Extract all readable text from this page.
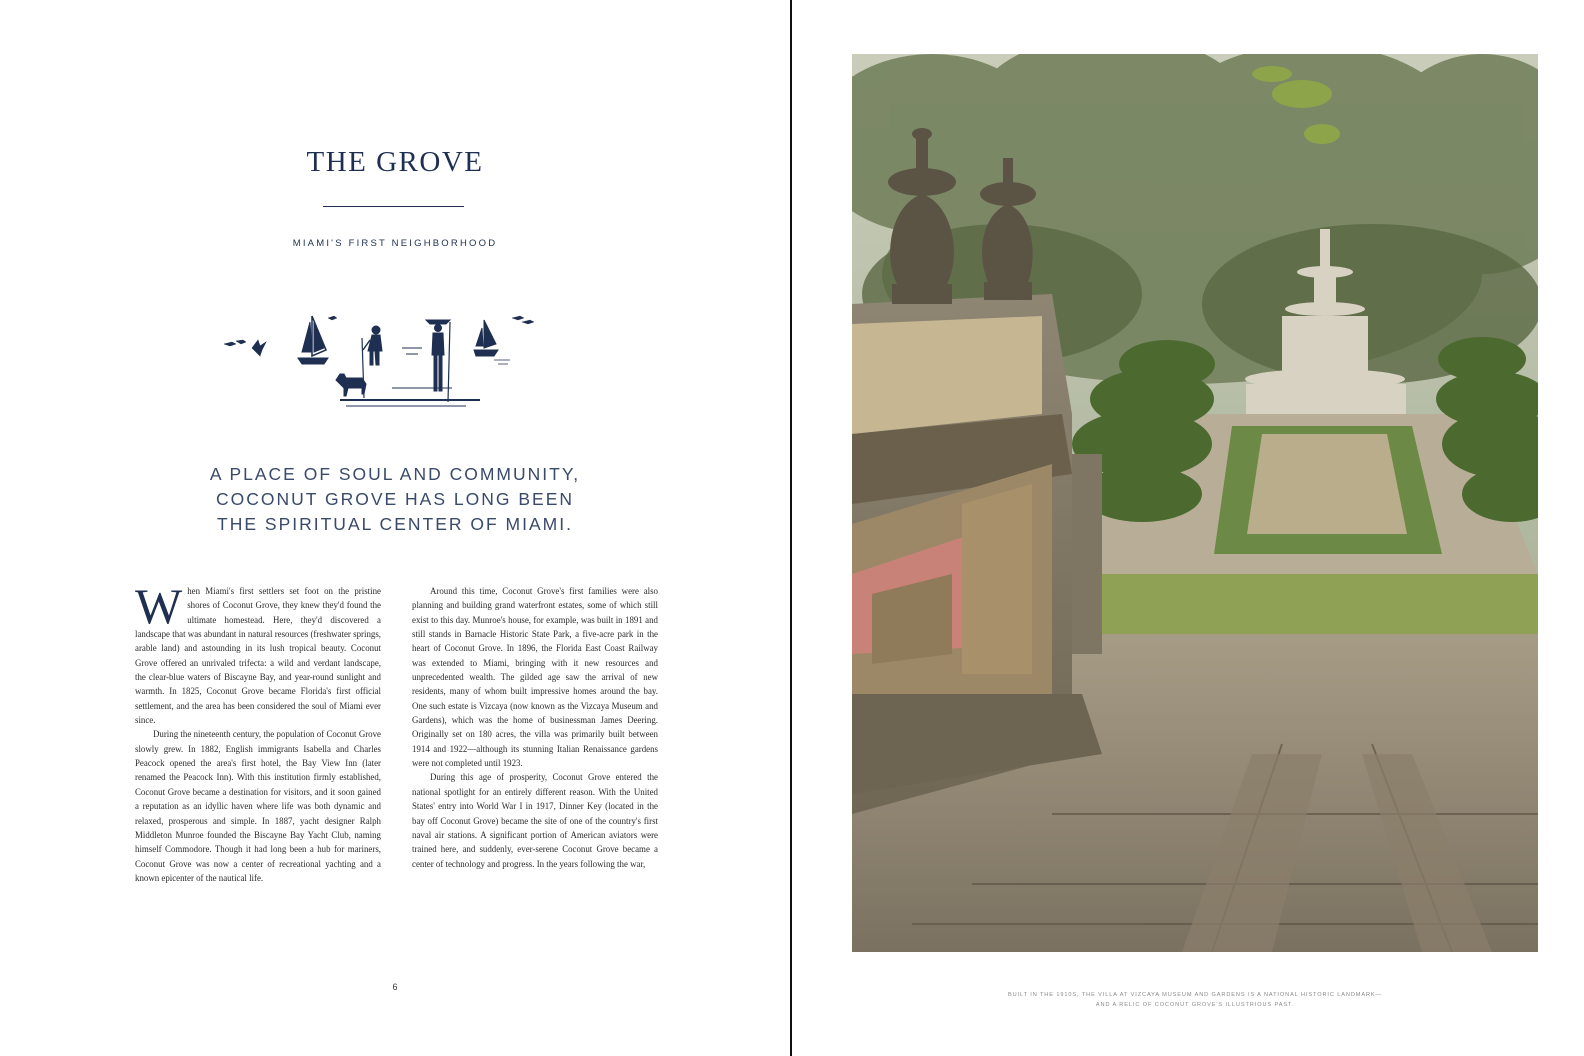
THE GROVE
MIAMI'S FIRST NEIGHBORHOOD
A PLACE OF SOUL AND COMMUNITY,
COCONUT GROVE HAS LONG BEEN
THE SPIRITUAL CENTER OF MIAMI.

When Miami's first settlers set foot on the pristine shores of Coconut Grove, they knew they'd found the ultimate homestead. Here, they'd discovered a landscape that was abundant in natural resources (freshwater springs, arable land) and astounding in its lush tropical beauty. Coconut Grove offered an unrivaled trifecta: a wild and verdant landscape, the clear-blue waters of Biscayne Bay, and year-round sunlight and warmth. In 1825, Coconut Grove became Florida's first official settlement, and the area has been considered the soul of Miami ever since.

During the nineteenth century, the population of Coconut Grove slowly grew. In 1882, English immigrants Isabella and Charles Peacock opened the area's first hotel, the Bay View Inn (later renamed the Peacock Inn). With this institution firmly established, Coconut Grove became a destination for visitors, and it soon gained a reputation as an idyllic haven where life was both dynamic and relaxed, prosperous and simple. In 1887, yacht designer Ralph Middleton Munroe founded the Biscayne Bay Yacht Club, naming himself Commodore. Though it had long been a hub for mariners, Coconut Grove was now a center of recreational yachting and a known epicenter of the nautical life.

Around this time, Coconut Grove's first families were also planning and building grand waterfront estates, some of which still exist to this day. Munroe's house, for example, was built in 1891 and still stands in Barnacle Historic State Park, a five-acre park in the heart of Coconut Grove. In 1896, the Florida East Coast Railway was extended to Miami, bringing with it new resources and unprecedented wealth. The gilded age saw the arrival of new residents, many of whom built impressive homes around the bay. One such estate is Vizcaya (now known as the Vizcaya Museum and Gardens), which was the home of businessman James Deering. Originally set on 180 acres, the villa was primarily built between 1914 and 1922—although its stunning Italian Renaissance gardens were not completed until 1923.

During this age of prosperity, Coconut Grove entered the national spotlight for an entirely different reason. With the United States' entry into World War I in 1917, Dinner Key (located in the bay off Coconut Grove) became the site of one of the country's first naval air stations. A significant portion of American aviators were trained here, and suddenly, ever-serene Coconut Grove became a center of technology and progress. In the years following the war,

6
BUILT IN THE 1910S, THE VILLA AT VIZCAYA MUSEUM AND GARDENS IS A NATIONAL HISTORIC LANDMARK—
AND A RELIC OF COCONUT GROVE'S ILLUSTRIOUS PAST.
